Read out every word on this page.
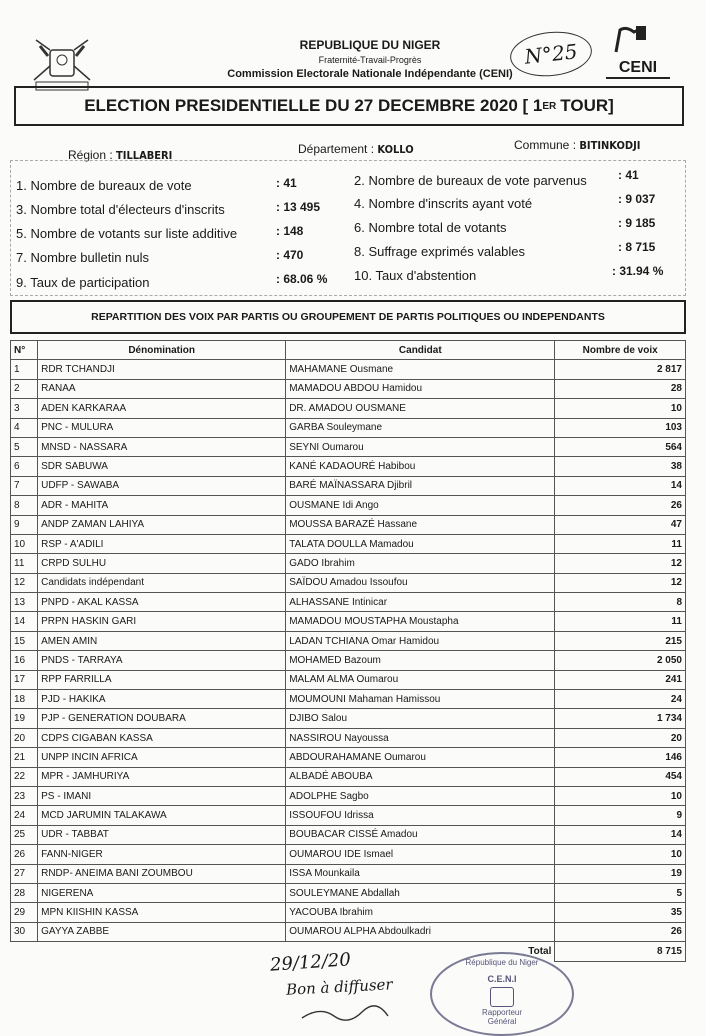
REPUBLIQUE DU NIGER
Fraternité-Travail-Progrès
Commission Electorale Nationale Indépendante (CENI)
N°25	CENI
ELECTION PRESIDENTIELLE DU 27 DECEMBRE 2020 [ 1 ER TOUR]
Région : TILLABERI	Département : KOLLO	Commune : BITINKODJI
1. Nombre de bureaux de vote	: 41	2. Nombre de bureaux de vote parvenus	: 41
3. Nombre total d'électeurs d'inscrits	: 13 495	4. Nombre d'inscrits ayant voté	: 9 037
5. Nombre de votants sur liste additive	: 148	6. Nombre total de votants	: 9 185
7. Nombre bulletin nuls	: 470	8. Suffrage exprimés valables	: 8 715
9. Taux de participation	: 68.06 % 10. Taux d'abstention	: 31.94 %
REPARTITION DES VOIX PAR PARTIS OU GROUPEMENT DE PARTIS POLITIQUES OU INDEPENDANTS
N°	Dénomination	Candidat	Nombre de voix
1	RDR TCHANDJI	MAHAMANE Ousmane	2 817
2	RANAA	MAMADOU ABDOU Hamidou	28
3	ADEN KARKARAA	DR. AMADOU OUSMANE	10
4	PNC - MULURA	GARBA Souleymane	103
5	MNSD - NASSARA	SEYNI Oumarou	564
6	SDR SABUWA	KANÉ KADAOURÉ Habibou	38
7	UDFP - SAWABA	BARÉ MAÏNASSARA Djibril	14
8	ADR - MAHITA	OUSMANE Idi Ango	26
9	ANDP ZAMAN LAHIYA	MOUSSA BARAZÉ Hassane	47
10	RSP - A'ADILI	TALATA DOULLA Mamadou	11
11	CRPD SULHU	GADO Ibrahim	12
12	Candidats indépendant	SAÏDOU Amadou Issoufou	12
13	PNPD - AKAL KASSA	ALHASSANE Intinicar	8
14	PRPN HASKIN GARI	MAMADOU MOUSTAPHA Moustapha	11
15	AMEN AMIN	LADAN TCHIANA Omar Hamidou	215
16	PNDS - TARRAYA	MOHAMED Bazoum	2 050
17	RPP FARRILLA	MALAM ALMA Oumarou	241
18	PJD - HAKIKA	MOUMOUNI Mahaman Hamissou	24
19	PJP - GENERATION DOUBARA	DJIBO Salou	1 734
20	CDPS CIGABAN KASSA	NASSIROU Nayoussa	20
21	UNPP INCIN AFRICA	ABDOURAHAMANE Oumarou	146
22	MPR - JAMHURIYA	ALBADÉ ABOUBA	454
23	PS - IMANI	ADOLPHE Sagbo	10
24	MCD JARUMIN TALAKAWA	ISSOUFOU Idrissa	9
25	UDR - TABBAT	BOUBACAR CISSÉ Amadou	14
26	FANN-NIGER	OUMAROU IDE Ismael	10
27	RNDP- ANEIMA BANI ZOUMBOU	ISSA Mounkaila	19
28	NIGERENA	SOULEYMANE Abdallah	5
29	MPN KIISHIN KASSA	YACOUBA Ibrahim	35
30	GAYYA ZABBE	OUMAROU ALPHA Abdoulkadri	26
Total			8 715
29/12/20
Bon à diffuser
République du Niger
C.E.N.I
Rapporteur Général
